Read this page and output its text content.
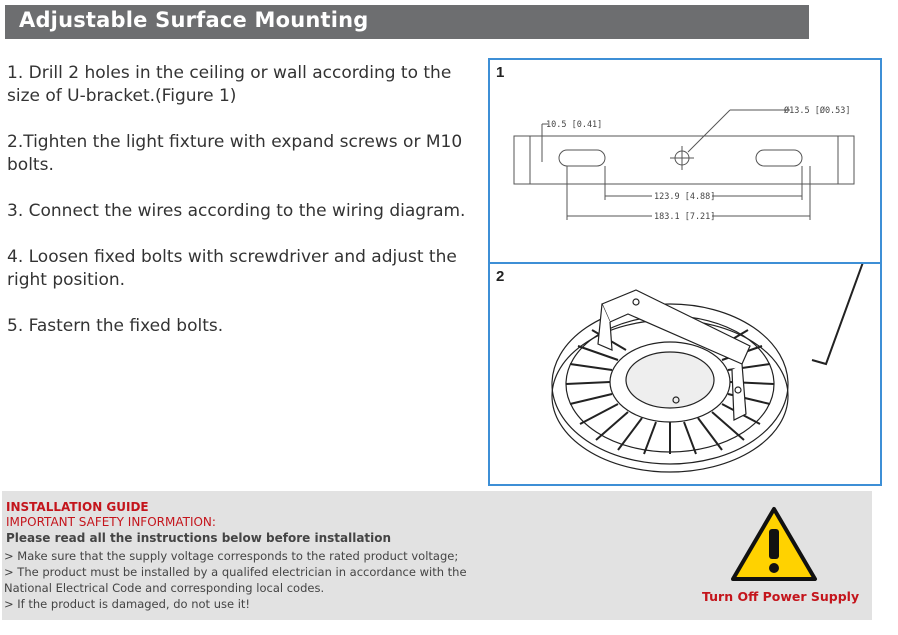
Adjustable Surface Mounting
1. Drill 2 holes in the ceiling or wall according to the size of U-bracket.(Figure 1)
2.Tighten the light fixture with expand screws or M10 bolts.
3. Connect the wires according to the wiring diagram.
4. Loosen fixed bolts with screwdriver and adjust the right position.
5. Fastern the fixed bolts.
1
10.5 [0.41]
Ø13.5 [Ø0.53]
123.9 [4.88]
183.1 [7.21]
2
INSTALLATION GUIDE
IMPORTANT SAFETY INFORMATION:
Please read all the instructions below before installation
> Make sure that the supply voltage corresponds to the rated product voltage;
> The product must be installed by a qualifed electrician in accordance with the
National Electrical Code and corresponding local codes.
> If the product is damaged, do not use it!	Turn Off Power Supply
